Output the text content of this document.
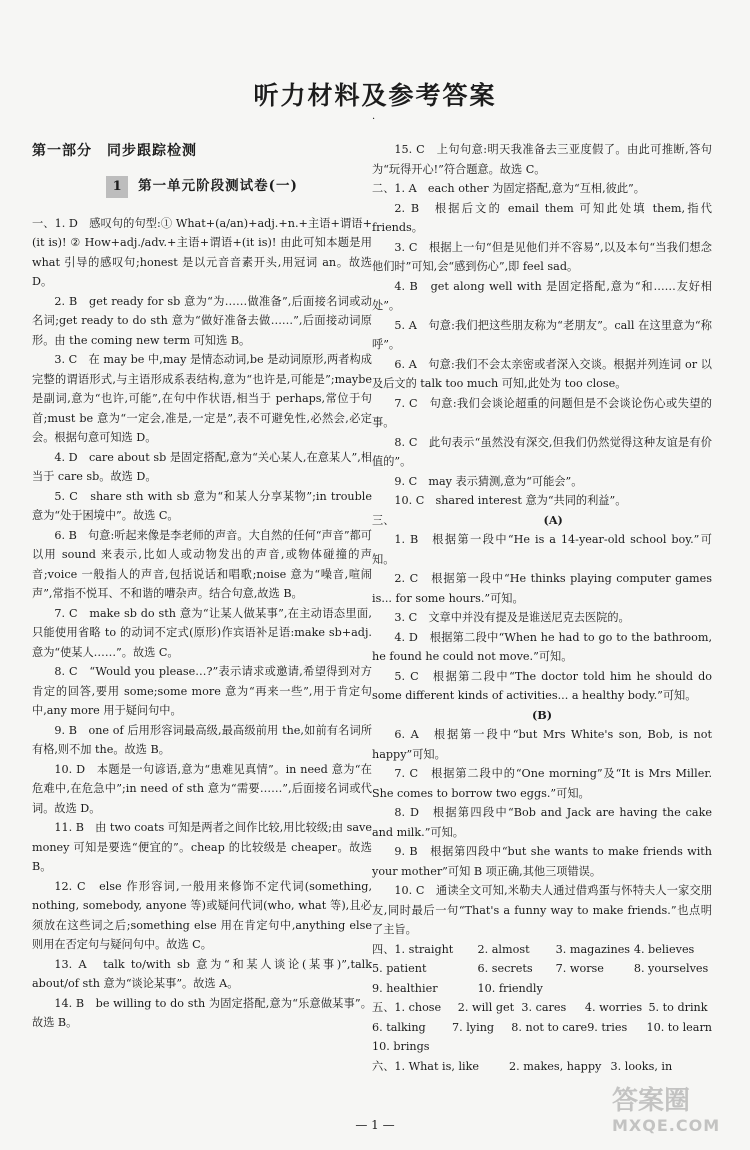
听力材料及参考答案
·
第一部分　同步跟踪检测
1	第一单元阶段测试卷(一)

一、1. D　感叹句的句型:① What+(a/an)+adj.+n.+主语+谓语+(it is)! ② How+adj./adv.+主语+谓语+(it is)! 由此可知本题是用 what 引导的感叹句;honest 是以元音音素开头,用冠词 an。故选 D。

2. B　get ready for sb 意为“为……做准备”,后面接名词或动名词;get ready to do sth 意为“做好准备去做……”,后面接动词原形。由 the coming new term 可知选 B。

3. C　在 may be 中,may 是情态动词,be 是动词原形,两者构成完整的谓语形式,与主语形成系表结构,意为“也许是,可能是”;maybe 是副词,意为“也许,可能”,在句中作状语,相当于 perhaps,常位于句首;must be 意为“一定会,准是,一定是”,表不可避免性,必然会,必定会。根据句意可知选 D。

4. D　care about sb 是固定搭配,意为“关心某人,在意某人”,相当于 care sb。故选 D。

5. C　share sth with sb 意为“和某人分享某物”;in trouble 意为“处于困境中”。故选 C。

6. B　句意:听起来像是李老师的声音。大自然的任何“声音”都可以用 sound 来表示,比如人或动物发出的声音,或物体碰撞的声音;voice 一般指人的声音,包括说话和唱歌;noise 意为“噪音,喧闹声”,常指不悦耳、不和谐的嘈杂声。结合句意,故选 B。

7. C　make sb do sth 意为“让某人做某事”,在主动语态里面,只能使用省略 to 的动词不定式(原形)作宾语补足语:make sb+adj. 意为“使某人……”。故选 C。

8. C　“Would you please…?”表示请求或邀请,希望得到对方肯定的回答,要用 some;some more 意为“再来一些”,用于肯定句中,any more 用于疑问句中。

9. B　one of 后用形容词最高级,最高级前用 the,如前有名词所有格,则不加 the。故选 B。

10. D　本题是一句谚语,意为“患难见真情”。in need 意为“在危难中,在危急中”;in need of sth 意为“需要……”,后面接名词或代词。故选 D。

11. B　由 two coats 可知是两者之间作比较,用比较级;由 save money 可知是要选“便宜的”。cheap 的比较级是 cheaper。故选 B。

12. C　else 作形容词,一般用来修饰不定代词(something, nothing, somebody, anyone 等)或疑问代词(who, what 等),且必须放在这些词之后;something else 用在肯定句中,anything else 则用在否定句与疑问句中。故选 C。

13. A　talk to/with sb 意为“和某人谈论(某事)”,talk about/of sth 意为“谈论某事”。故选 A。

14. B　be willing to do sth 为固定搭配,意为“乐意做某事”。故选 B。

15. C　上句句意:明天我准备去三亚度假了。由此可推断,答句为“玩得开心!”符合题意。故选 C。

二、1. A　each other 为固定搭配,意为“互相,彼此”。

2. B　根据后文的 email them 可知此处填 them,指代 friends。

3. C　根据上一句“但是见他们并不容易”,以及本句“当我们想念他们时”可知,会“感到伤心”,即 feel sad。

4. B　get along well with 是固定搭配,意为“和……友好相处”。

5. A　句意:我们把这些朋友称为“老朋友”。call 在这里意为“称呼”。

6. A　句意:我们不会太亲密或者深入交谈。根据并列连词 or 以及后文的 talk too much 可知,此处为 too close。

7. C　句意:我们会谈论超重的问题但是不会谈论伤心或失望的事。

8. C　此句表示“虽然没有深交,但我们仍然觉得这种友谊是有价值的”。

9. C　may 表示猜测,意为“可能会”。

10. C　shared interest 意为“共同的利益”。

三、	(A)

1. B　根据第一段中“He is a 14-year-old school boy.”可知。

2. C　根据第一段中“He thinks playing computer games is... for some hours.”可知。

3. C　文章中并没有提及是谁送尼克去医院的。

4. D　根据第二段中“When he had to go to the bathroom, he found he could not move.”可知。

5. C　根据第二段中“The doctor told him he should do some different kinds of activities... a healthy body.”可知。

(B)

6. A　根据第一段中“but Mrs White's son, Bob, is not happy”可知。

7. C　根据第二段中的“One morning”及“It is Mrs Miller. She comes to borrow two eggs.”可知。

8. D　根据第四段中“Bob and Jack are having the cake and milk.”可知。

9. B　根据第四段中“but she wants to make friends with your mother”可知 B 项正确,其他三项错误。

10. C　通读全文可知,米勒夫人通过借鸡蛋与怀特夫人一家交朋友,同时最后一句“That's a funny way to make friends.”也点明了主旨。

四、1. straight	2. almost	3. magazines 4. believes
5. patient	6. secrets	7. worse	8. yourselves
9. healthier	10. friendly
五、1. chose	2. will get 3. cares	4. worries 5. to drink
6. talking	7. lying	8. not to care 9. tries	10. to learn
10. brings
六、1. What is, like	2. makes, happy 3. looks, in
— 1 —
答案圈
MXQE.COM
